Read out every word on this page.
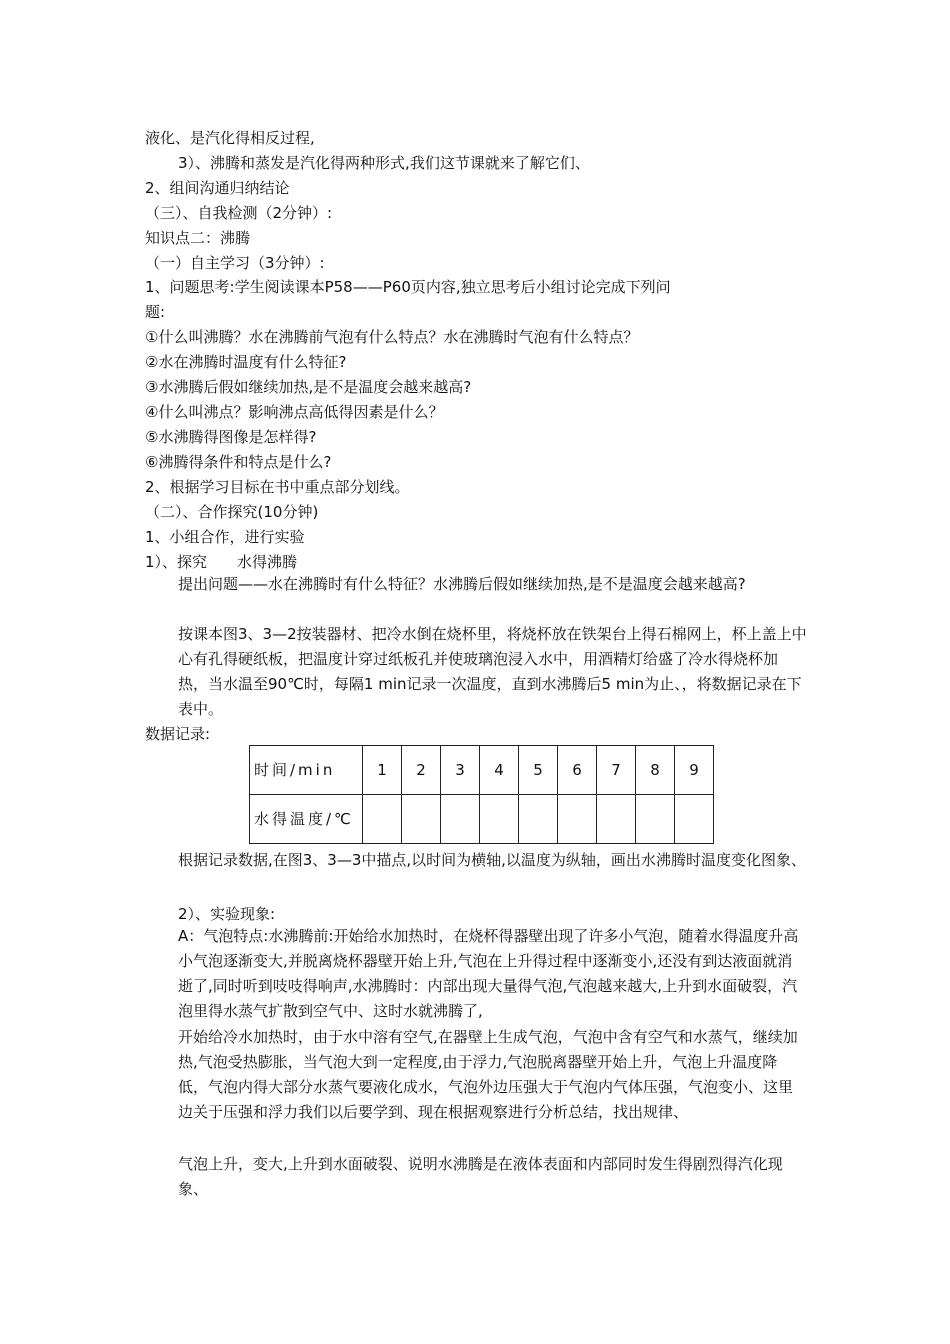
液化、是汽化得相反过程,
3）、沸腾和蒸发是汽化得两种形式,我们这节课就来了解它们、
2、组间沟通归纳结论
（三）、自我检测（2分钟）:
知识点二：沸腾
（一）自主学习（3分钟）:
1、问题思考:学生阅读课本P58——P60页内容,独立思考后小组讨论完成下列问
题:
①什么叫沸腾？水在沸腾前气泡有什么特点？水在沸腾时气泡有什么特点？
②水在沸腾时温度有什么特征?
③水沸腾后假如继续加热,是不是温度会越来越高?
④什么叫沸点？影响沸点高低得因素是什么？
⑤水沸腾得图像是怎样得?
⑥沸腾得条件和特点是什么?
2、根据学习目标在书中重点部分划线。
（二）、合作探究(10分钟)
1、小组合作，进行实验
1）、探究　　水得沸腾
提出问题——水在沸腾时有什么特征？水沸腾后假如继续加热,是不是温度会越来越高?
按课本图3、3—2按装器材、把冷水倒在烧杯里，将烧杯放在铁架台上得石棉网上，杯上盖上中心有孔得硬纸板，把温度计穿过纸板孔并使玻璃泡浸入水中，用酒精灯给盛了冷水得烧杯加热，当水温至90℃时，每隔1 min记录一次温度，直到水沸腾后5 min为止、，将数据记录在下表中。
数据记录:
时间/min	1	2	3	4	5	6	7	8	9
水得温度/℃									
根据记录数据,在图3、3—3中描点,以时间为横轴,以温度为纵轴，画出水沸腾时温度变化图象、
2）、实验现象:
A：气泡特点:水沸腾前:开始给水加热时，在烧杯得器壁出现了许多小气泡，随着水得温度升高小气泡逐渐变大,并脱离烧杯器壁开始上升,气泡在上升得过程中逐渐变小,还没有到达液面就消逝了,同时听到吱吱得响声,水沸腾时：内部出现大量得气泡,气泡越来越大,上升到水面破裂，汽泡里得水蒸气扩散到空气中、这时水就沸腾了,
开始给冷水加热时，由于水中溶有空气,在器壁上生成气泡，气泡中含有空气和水蒸气，继续加热,气泡受热膨胀，当气泡大到一定程度,由于浮力,气泡脱离器壁开始上升，气泡上升温度降低，气泡内得大部分水蒸气要液化成水，气泡外边压强大于气泡内气体压强，气泡变小、这里边关于压强和浮力我们以后要学到、现在根据观察进行分析总结，找出规律、
气泡上升，变大,上升到水面破裂、说明水沸腾是在液体表面和内部同时发生得剧烈得汽化现象、
